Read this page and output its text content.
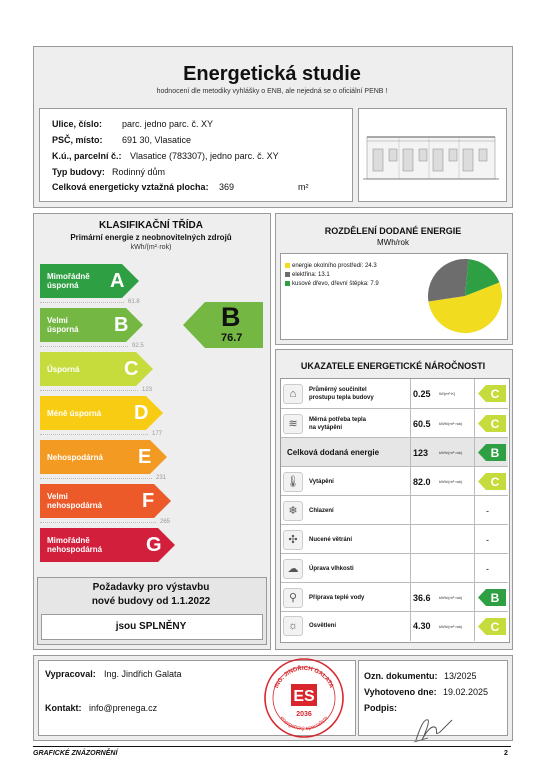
Energetická studie
hodnocení dle metodiky vyhlášky o ENB, ale nejedná se o oficiální PENB !
Ulice, číslo: parc. jedno parc. č. XY
PSČ, místo: 691 30, Vlasatice
K.ú., parcelní č.: Vlasatice (783307), jedno parc. č. XY
Typ budovy: Rodinný dům
Celková energeticky vztažná plocha: 369	m²
KLASIFIKAČNÍ TŘÍDA
Primární energie z neobnovitelných zdrojů
kWh/(m²·rok)
Mimořádně
úsporná	A
61.8
Velmi
úsporná B
92.5
Úsporná C
123
Méně úsporná D
177
Nehospodárná E
231
Velmi
nehospodárná F
265
Mimořádně
nehospodárná G
B
76.7
Požadavky pro výstavbu
nové budovy od 1.1.2022
jsou SPLNĚNY
ROZDĚLENÍ DODANÉ ENERGIE
MWh/rok
energie okolního prostředí: 24.3
elektřina: 13.1
kusové dřevo, dřevní štěpka: 7.9
UKAZATELE ENERGETICKÉ NÁROČNOSTI
⌂	Průměrný součinitel
prostupu tepla budovy	0.25 W/(m²·K)	C
≋	Měrná potřeba tepla
na vytápění	60.5 kWh/(m²·rok) C
Celková dodaná energie	123	kWh/(m²·rok) B
🌡	Vytápění	82.0 kWh/(m²·rok) C
❄	Chlazení	-
✣	Nucené větrání	-
☁	Úprava vlhkosti	-
⚲	Příprava teplé vody	36.6 kWh/(m²·rok) B
☼	Osvětlení	4.30 kWh/(m²·rok) C
Vypracoval: Ing. Jindřich Galata
Kontakt: info@prenega.cz
Ozn. dokumentu: 13/2025
Vyhotoveno dne: 19.02.2025
Podpis:
ING. JINDŘICH GALATA
energetický specialista
ES
2036
GRAFICKÉ ZNÁZORNĚNÍ	2
